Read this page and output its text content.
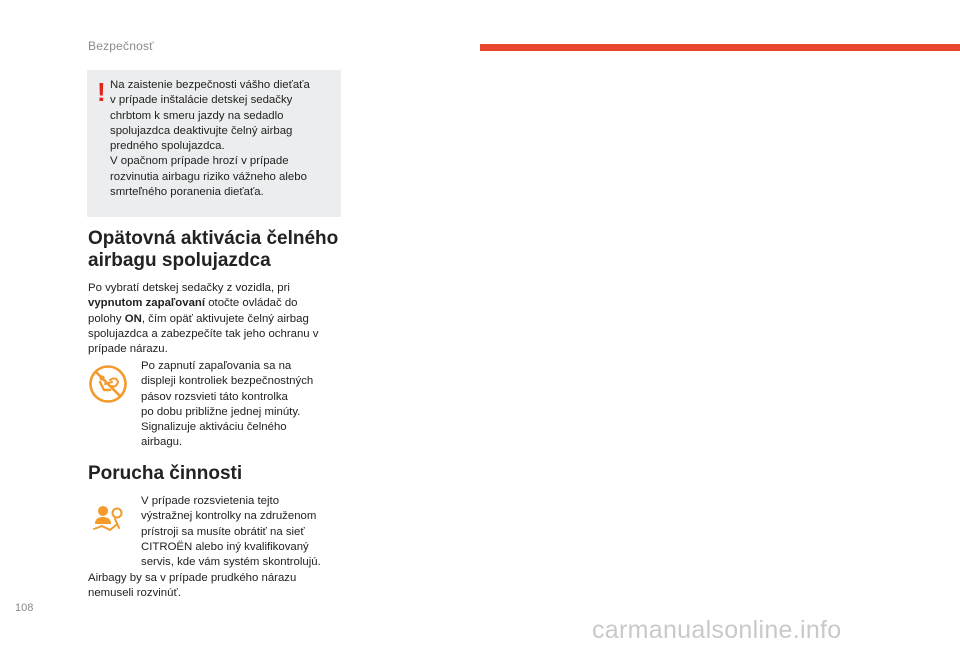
Bezpečnosť
! Na zaistenie bezpečnosti vášho dieťaťa
v prípade inštalácie detskej sedačky
chrbtom k smeru jazdy na sedadlo
spolujazdca deaktivujte čelný airbag
predného spolujazdca.
V opačnom prípade hrozí v prípade
rozvinutia airbagu riziko vážneho alebo
smrteľného poranenia dieťaťa.
Opätovná aktivácia čelného
airbagu spolujazdca
Po vybratí detskej sedačky z vozidla, pri
vypnutom zapaľovaní otočte ovládač do
polohy ON, čím opäť aktivujete čelný airbag
spolujazdca a zabezpečíte tak jeho ochranu v
prípade nárazu.
Po zapnutí zapaľovania sa na
displeji kontroliek bezpečnostných
pásov rozsvieti táto kontrolka
po dobu približne jednej minúty.
Signalizuje aktiváciu čelného
airbagu.
Porucha činnosti
V prípade rozsvietenia tejto
výstražnej kontrolky na združenom
prístroji sa musíte obrátiť na sieť
CITROËN alebo iný kvalifikovaný
servis, kde vám systém skontrolujú.
Airbagy by sa v prípade prudkého nárazu
nemuseli rozvinúť.
108
carmanualsonline.info
